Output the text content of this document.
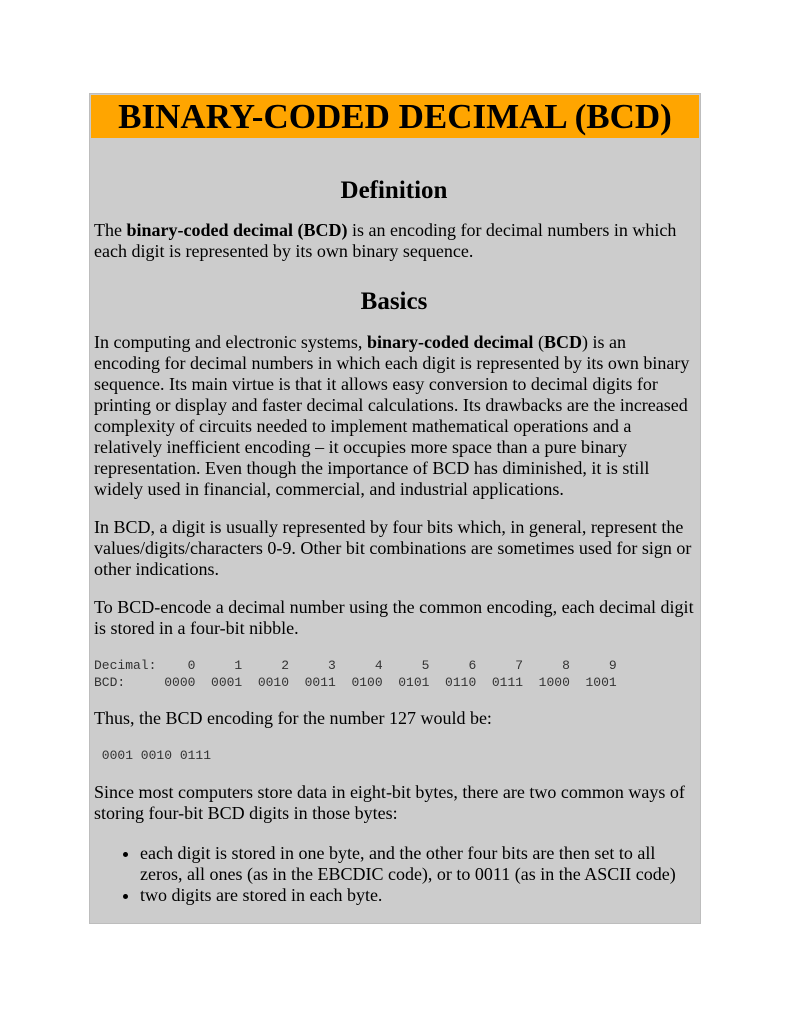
BINARY-CODED DECIMAL (BCD)
Definition

The binary-coded decimal (BCD) is an encoding for decimal numbers in which each digit is represented by its own binary sequence.

Basics

In computing and electronic systems, binary-coded decimal (BCD) is an encoding for decimal numbers in which each digit is represented by its own binary sequence. Its main virtue is that it allows easy conversion to decimal digits for printing or display and faster decimal calculations. Its drawbacks are the increased complexity of circuits needed to implement mathematical operations and a relatively inefficient encoding – it occupies more space than a pure binary representation. Even though the importance of BCD has diminished, it is still widely used in financial, commercial, and industrial applications.

In BCD, a digit is usually represented by four bits which, in general, represent the values/digits/characters 0-9. Other bit combinations are sometimes used for sign or other indications.

To BCD-encode a decimal number using the common encoding, each decimal digit is stored in a four-bit nibble.

Decimal:    0     1     2     3     4     5     6     7     8     9
BCD:     0000  0001  0010  0011  0100  0101  0110  0111  1000  1001

Thus, the BCD encoding for the number 127 would be:

0001 0010 0111

Since most computers store data in eight-bit bytes, there are two common ways of storing four-bit BCD digits in those bytes:

• each digit is stored in one byte, and the other four bits are then set to all zeros, all ones (as in the EBCDIC code), or to 0011 (as in the ASCII code)
• two digits are stored in each byte.
